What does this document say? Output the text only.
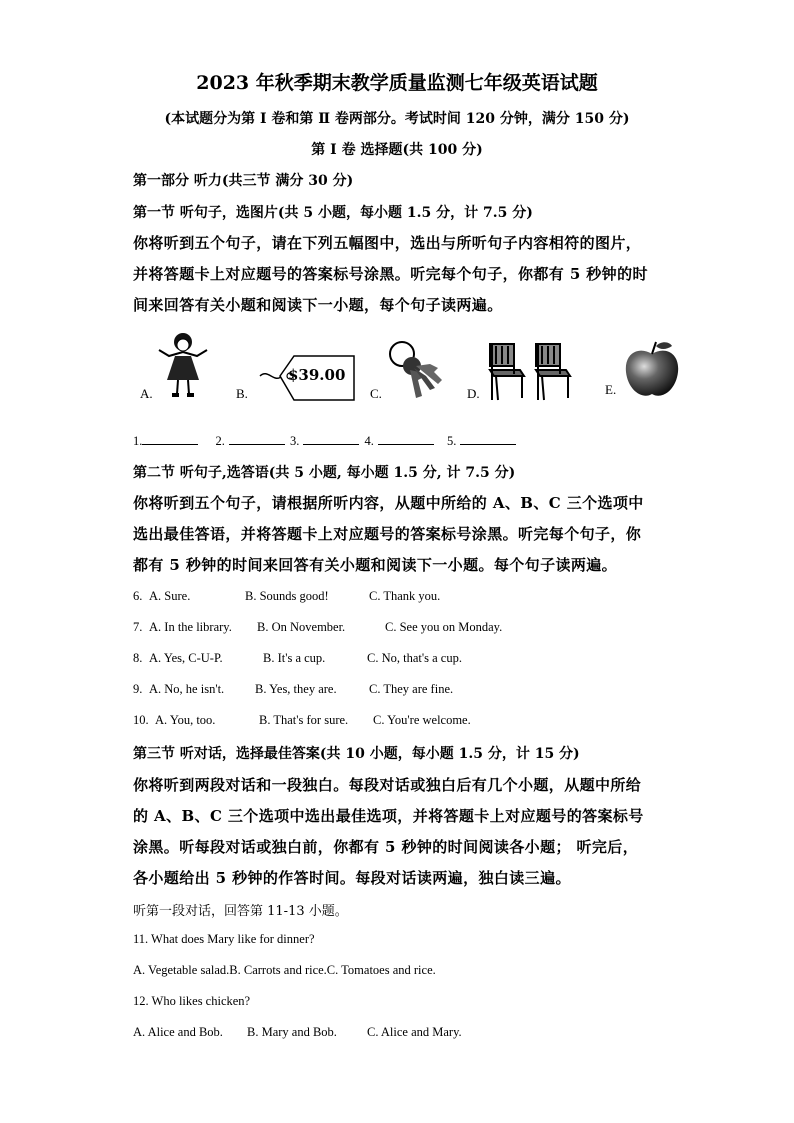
2023 年秋季期末教学质量监测七年级英语试题
(本试题分为第 Ⅰ 卷和第 Ⅱ 卷两部分。考试时间 120 分钟，满分 150 分)
第 Ⅰ 卷 选择题(共 100 分)
第一部分 听力(共三节 满分 30 分)
第一节 听句子，选图片(共 5 小题，每小题 1.5 分，计 7.5 分)
你将听到五个句子，请在下列五幅图中，选出与所听句子内容相符的图片，
并将答题卡上对应题号的答案标号涂黑。听完每个句子，你都有 5 秒钟的时
间来回答有关小题和阅读下一小题，每个句子读两遍。
A.	B.
$39.00
C.	D.	E.
1.	2.	3.	4.	5.
第二节 听句子,选答语(共 5 小题, 每小题 1.5 分, 计 7.5 分)
你将听到五个句子，请根据所听内容，从题中所给的 A、B、C 三个选项中
选出最佳答语，并将答题卡上对应题号的答案标号涂黑。听完每个句子，你
都有 5 秒钟的时间来回答有关小题和阅读下一小题。每个句子读两遍。
6. A. Sure.	B. Sounds good!	C. Thank you.
7. A. In the library. B. On November.	C. See you on Monday.
8. A. Yes, C-U-P.	B. It's a cup.	C. No, that's a cup.
9. A. No, he isn't. B. Yes, they are.	C. They are fine.
10. A. You, too.	B. That's for sure. C. You're welcome.
第三节 听对话，选择最佳答案(共 10 小题，每小题 1.5 分，计 15 分)
你将听到两段对话和一段独白。每段对话或独白后有几个小题，从题中所给
的 A、B、C 三个选项中选出最佳选项，并将答题卡上对应题号的答案标号
涂黑。听每段对话或独白前，你都有 5 秒钟的时间阅读各小题； 听完后，
各小题给出 5 秒钟的作答时间。每段对话读两遍，独白读三遍。
听第一段对话，回答第 11-13 小题。
11. What does Mary like for dinner?
A. Vegetable salad.B. Carrots and rice.C. Tomatoes and rice.
12. Who likes chicken?
A. Alice and Bob. B. Mary and Bob. C. Alice and Mary.
